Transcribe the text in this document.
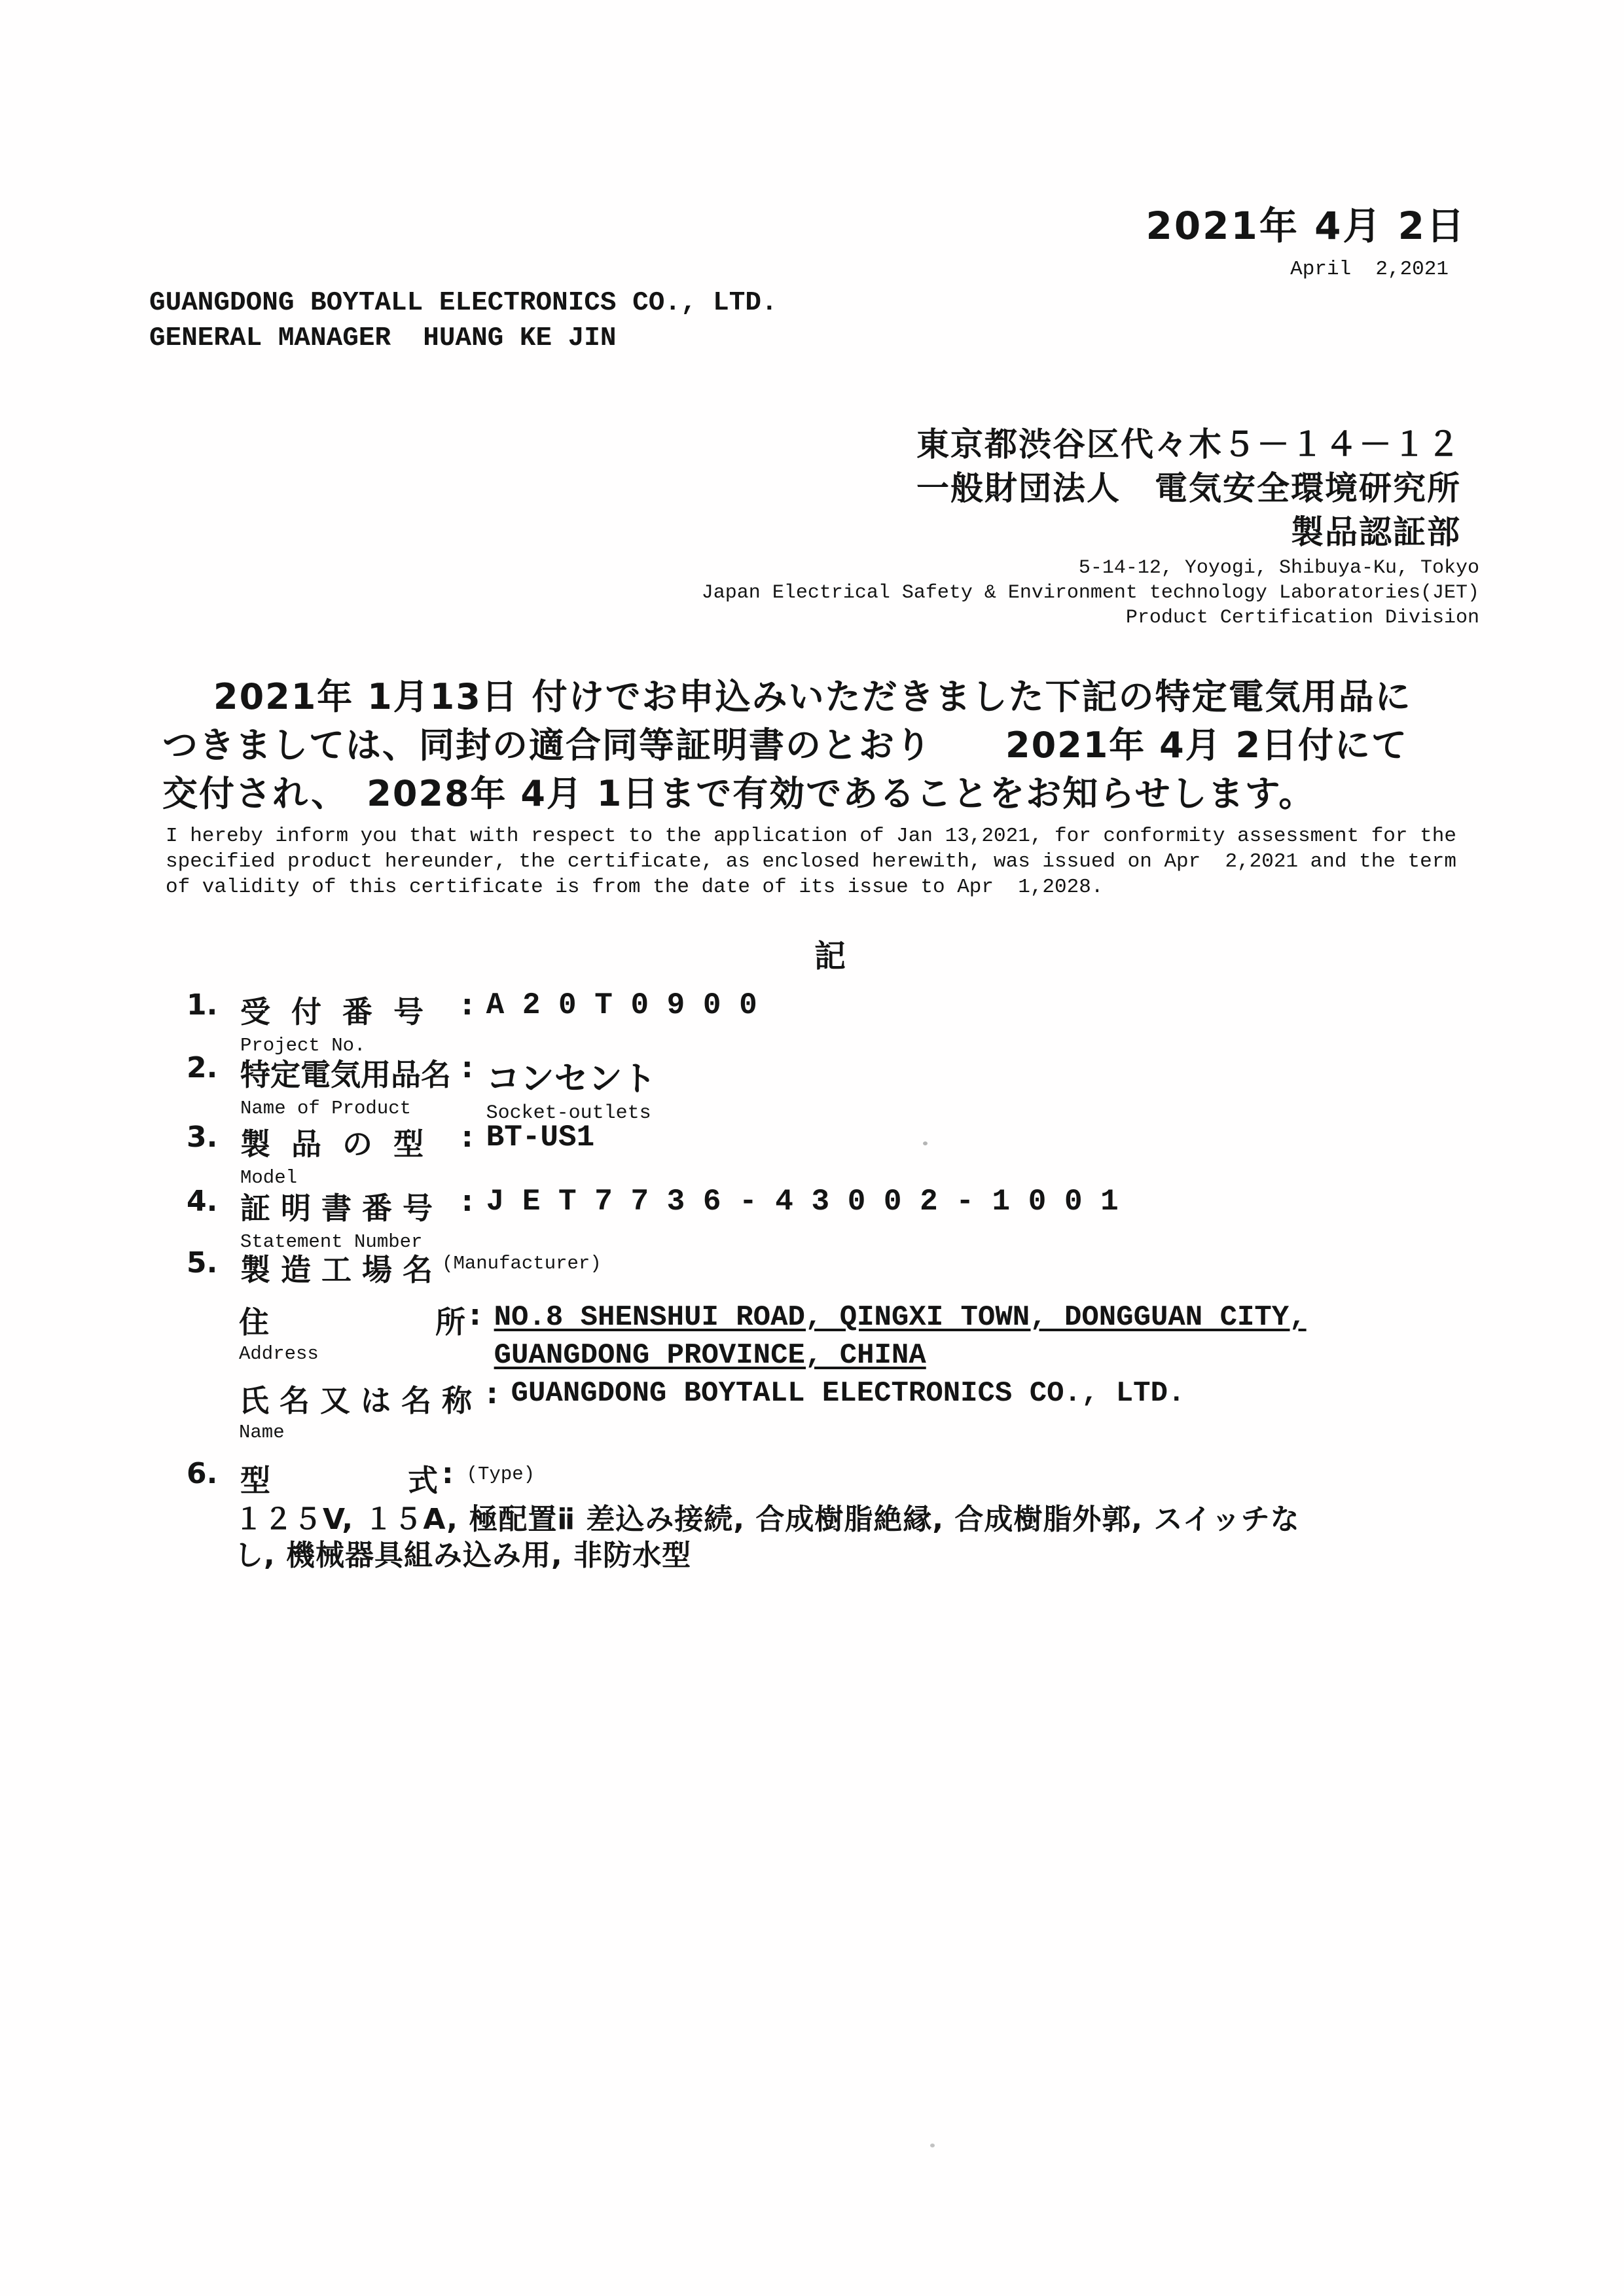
2021年 4月 2日
April  2,2021
GUANGDONG BOYTALL ELECTRONICS CO., LTD.
GENERAL MANAGER  HUANG KE JIN
東京都渋谷区代々木５－１４－１２
一般財団法人　電気安全環境研究所
製品認証部
5-14-12, Yoyogi, Shibuya-Ku, Tokyo
Japan Electrical Safety & Environment technology Laboratories(JET)
Product Certification Division
2021年 1月13日 付けでお申込みいただきました下記の特定電気用品に
つきましては、同封の適合同等証明書のとおり　　2021年 4月 2日付にて
交付され、　2028年 4月 1日まで有効であることをお知らせします。
I hereby inform you that with respect to the application of Jan 13,2021, for conformity assessment for the
specified product hereunder, the certificate, as enclosed herewith, was issued on Apr  2,2021 and the term
of validity of this certificate is from the date of its issue to Apr  1,2028.
記
1. 受  付  番  号
Project No.
: A 2 0 T 0 9 0 0
2. 特定電気用品名
Name of Product
: コンセント
Socket-outlets
3. 製  品  の  型
Model
: BT-US1
4. 証 明 書 番 号
Statement Number
: J E T 7 7 3 6 - 4 3 0 0 2 - 1 0 0 1
5. 製 造 工 場 名 (Manufacturer)
住	所
Address
: NO.8 SHENSHUI ROAD, QINGXI TOWN, DONGGUAN CITY,
GUANGDONG PROVINCE, CHINA
氏名又は名称
Name
: GUANGDONG BOYTALL ELECTRONICS CO., LTD.
6. 型	式 : (Type)
１２５V, １５A, 極配置ⅱ 差込み接続, 合成樹脂絶縁, 合成樹脂外郭, スイッチな
し, 機械器具組み込み用, 非防水型
